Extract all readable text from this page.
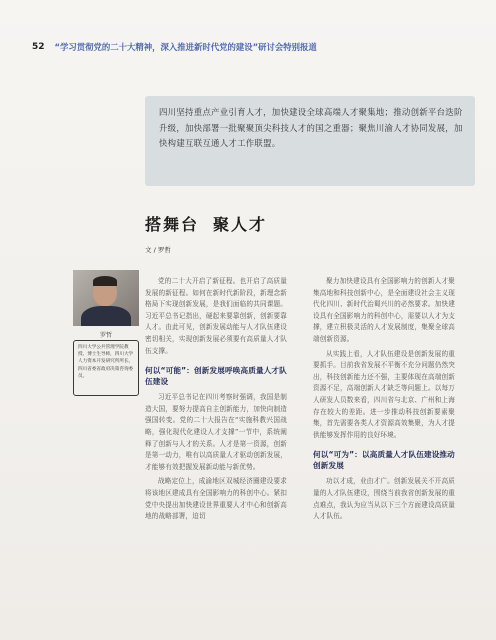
52 “学习贯彻党的二十大精神，深入推进新时代党的建设”研讨会特别报道
四川坚持重点产业引育人才，加快建设全球高端人才聚集地；推动创新平台迭阶升级，加快部署一批聚聚顶尖科技人才的国之重器；聚焦川渝人才协同发展，加快构建互联互通人才工作联盟。
搭舞台 聚人才
文 / 罗哲
罗哲
四川大学公共管理学院教授、博士生导师，四川大学人力资本开发研究所所长、四川省委省政府决策咨询委员。

党的二十大开启了新征程。也开启了高质量发展的新征程。如何在新时代新阶段，新理念新格局下实现创新发展，是我们面临的共同课题。习近平总书记指出，硬起来要靠创新，创新要靠人才。由此可见，创新发展动能与人才队伍建设密切相关，实现创新发展必须要有高质量人才队伍支撑。

何以“可能”：创新发展呼唤高质量人才队伍建设

习近平总书记在四川考察时强调，我国是制造大国，要努力提高自主创新能力，加快向制造强国转变。党的二十大报告在“实施科教兴国战略，强化现代化建设人才支撑”一节中，系统阐释了创新与人才的关系。人才是第一资源，创新是第一动力，唯有以高质量人才驱动创新发展，才能够有效把握发展新动能与新优势。

战略定位上，成渝地区双城经济圈建设要求将该地区建成具有全国影响力的科创中心。紧扣党中央提出加快建设世界重要人才中心和创新高地的战略部署，迫切

聚力加快建设具有全国影响力的创新人才聚集高地和科技创新中心，是全面建设社会主义现代化四川、新时代治蜀兴川的必然要求。加快建设具有全国影响力的科创中心，需要以人才为支撑，建立积极灵活的人才发展制度，集聚全球高端创新资源。

从实践上看，人才队伍建设是创新发展的重要抓手。目前我省发展不平衡不充分问题仍然突出，科技创新能力还不强，主要体现在高端创新资源不足，高端创新人才缺乏等问题上。以每万人研发人员数来看，四川省与北京、广州和上海存在较大的差距。进一步推动科技创新要素聚集，首先需要各类人才资源高效集聚，为人才提供能够发挥作用的良好环境。

何以“可为”：以高质量人才队伍建设推动创新发展

功以才成，业由才广。创新发展关不开高质量的人才队伍建设，围绕当前我省创新发展的重点难点，我认为应当从以下三个方面建设高质量人才队伍。
